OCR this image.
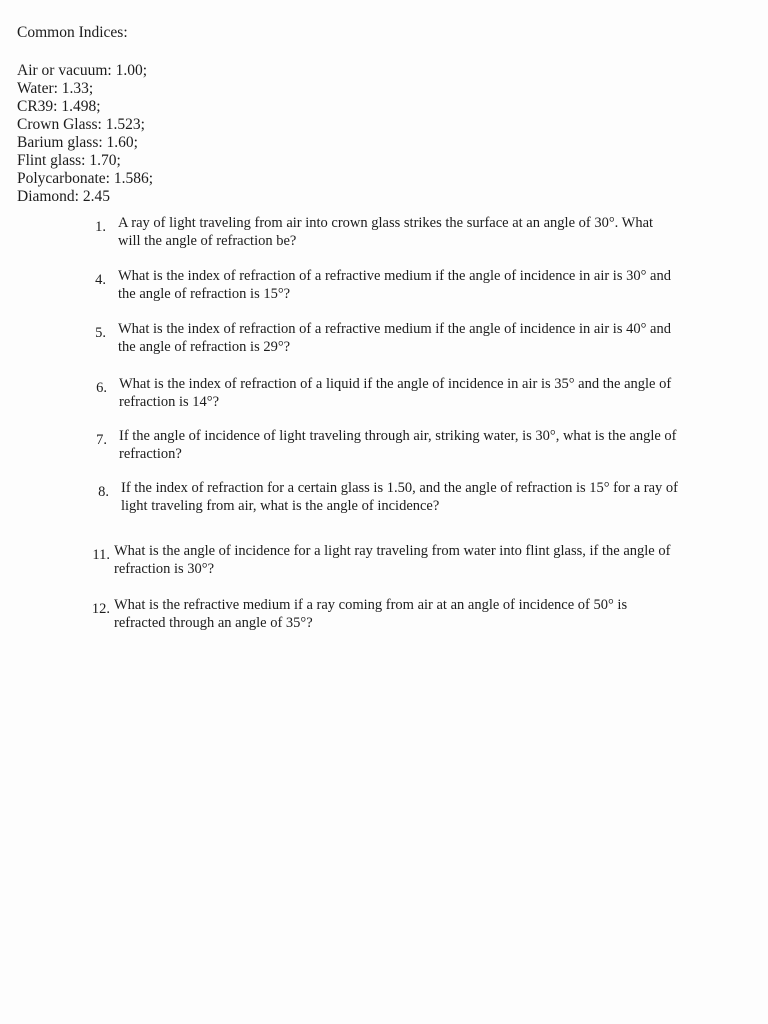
Common Indices:
Air or vacuum: 1.00;
Water: 1.33;
CR39: 1.498;
Crown Glass: 1.523;
Barium glass: 1.60;
Flint glass: 1.70;
Polycarbonate: 1.586;
Diamond: 2.45
1. A ray of light traveling from air into crown glass strikes the surface at an angle of 30°. What
will the angle of refraction be?
4. What is the index of refraction of a refractive medium if the angle of incidence in air is 30° and
the angle of refraction is 15°?
5. What is the index of refraction of a refractive medium if the angle of incidence in air is 40° and
the angle of refraction is 29°?
6. What is the index of refraction of a liquid if the angle of incidence in air is 35° and the angle of
refraction is 14°?
7. If the angle of incidence of light traveling through air, striking water, is 30°, what is the angle of
refraction?
8. If the index of refraction for a certain glass is 1.50, and the angle of refraction is 15° for a ray of
light traveling from air, what is the angle of incidence?
11. What is the angle of incidence for a light ray traveling from water into flint glass, if the angle of
refraction is 30°?
12. What is the refractive medium if a ray coming from air at an angle of incidence of 50° is
refracted through an angle of 35°?
